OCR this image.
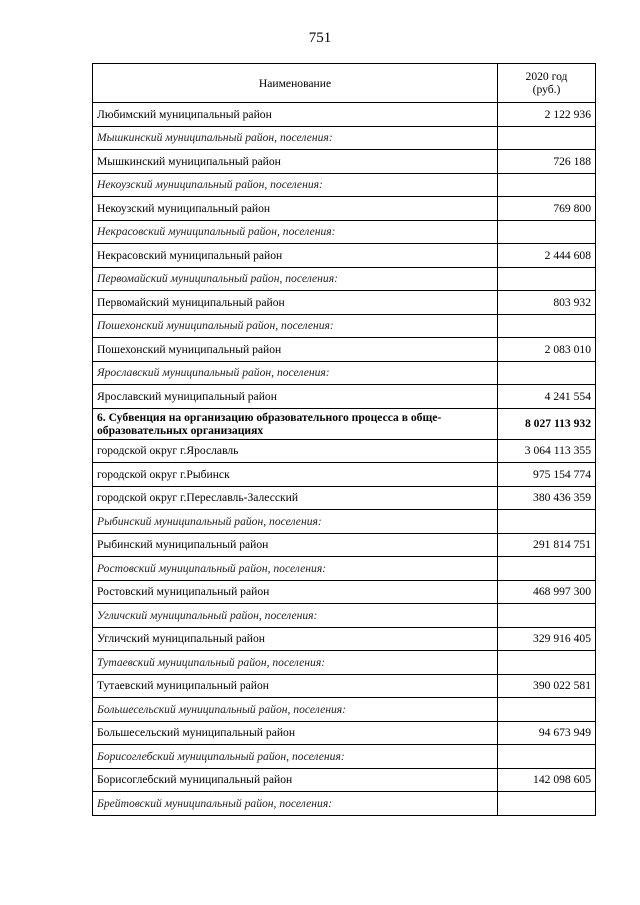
751
Наименование	2020 год
(руб.)

Любимский муниципальный район	2 122 936
Мышкинский муниципальный район, поселения:	
Мышкинский муниципальный район	726 188
Некоузский муниципальный район, поселения:	
Некоузский муниципальный район	769 800
Некрасовский муниципальный район, поселения:	
Некрасовский муниципальный район	2 444 608
Первомайский муниципальный район, поселения:	
Первомайский муниципальный район	803 932
Пошехонский муниципальный район, поселения:	
Пошехонский муниципальный район	2 083 010
Ярославский муниципальный район, поселения:	
Ярославский муниципальный район	4 241 554
6. Субвенция на организацию образовательного процесса в обще-образовательных организациях	8 027 113 932
городской округ г.Ярославль	3 064 113 355
городской округ г.Рыбинск	975 154 774
городской округ г.Переславль-Залесский	380 436 359
Рыбинский муниципальный район, поселения:	
Рыбинский муниципальный район	291 814 751
Ростовский муниципальный район, поселения:	
Ростовский муниципальный район	468 997 300
Угличский муниципальный район, поселения:	
Угличский муниципальный район	329 916 405
Тутаевский муниципальный район, поселения:	
Тутаевский муниципальный район	390 022 581
Большесельский муниципальный район, поселения:	
Большесельский муниципальный район	94 673 949
Борисоглебский муниципальный район, поселения:	
Борисоглебский муниципальный район	142 098 605
Брейтовский муниципальный район, поселения:	
